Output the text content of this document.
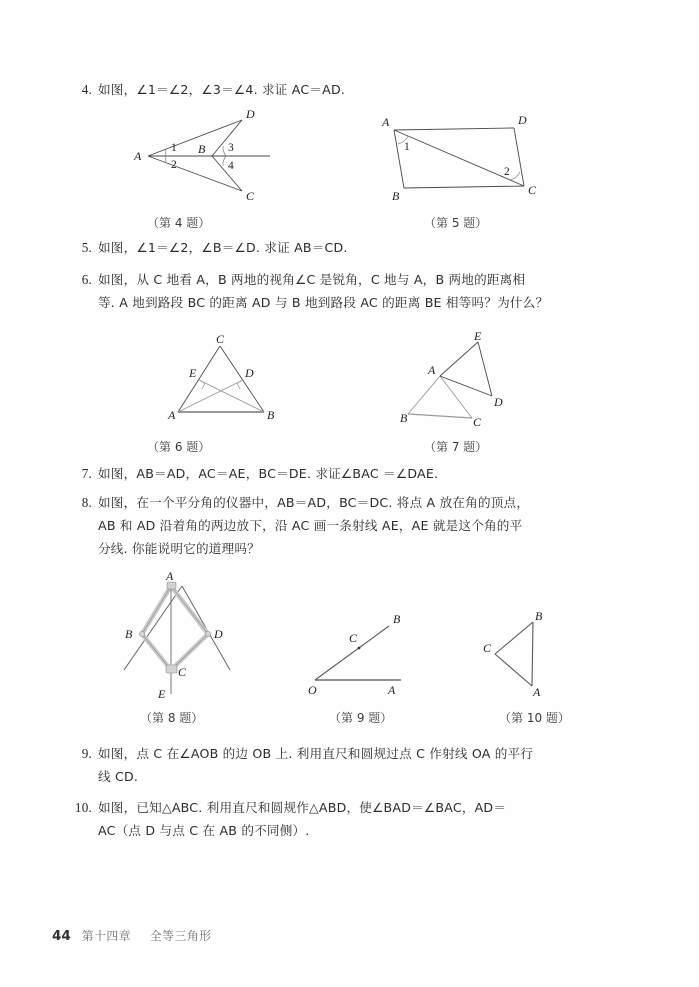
4. 如图，∠1＝∠2，∠3＝∠4. 求证 AC＝AD.
A	B
C
D
1
2
3
4
A
B	C
D
1
2
（第 4 题）	（第 5 题）
5. 如图，∠1＝∠2，∠B＝∠D. 求证 AB＝CD.
6. 如图，从 C 地看 A，B 两地的视角∠C 是锐角，C 地与 A，B 两地的距离相
等. A 地到路段 BC 的距离 AD 与 B 地到路段 AC 的距离 BE 相等吗？为什么？
C
A	B
E	D	A
B	C
D
E
（第 6 题）	（第 7 题）
7. 如图，AB＝AD，AC＝AE，BC＝DE. 求证∠BAC ＝∠DAE.
8. 如图，在一个平分角的仪器中，AB＝AD，BC＝DC. 将点 A 放在角的顶点，
AB 和 AD 沿着角的两边放下，沿 AC 画一条射线 AE，AE 就是这个角的平
分线. 你能说明它的道理吗？
A
B
C
D
E	O	A
B
C
B
C
A
（第 8 题）	（第 9 题）	（第 10 题）
9. 如图，点 C 在∠AOB 的边 OB 上. 利用直尺和圆规过点 C 作射线 OA 的平行
线 CD.
10. 如图，已知△ABC. 利用直尺和圆规作△ABD，使∠BAD＝∠BAC，AD＝
AC（点 D 与点 C 在 AB 的不同侧）.
44 第十四章 全等三角形
